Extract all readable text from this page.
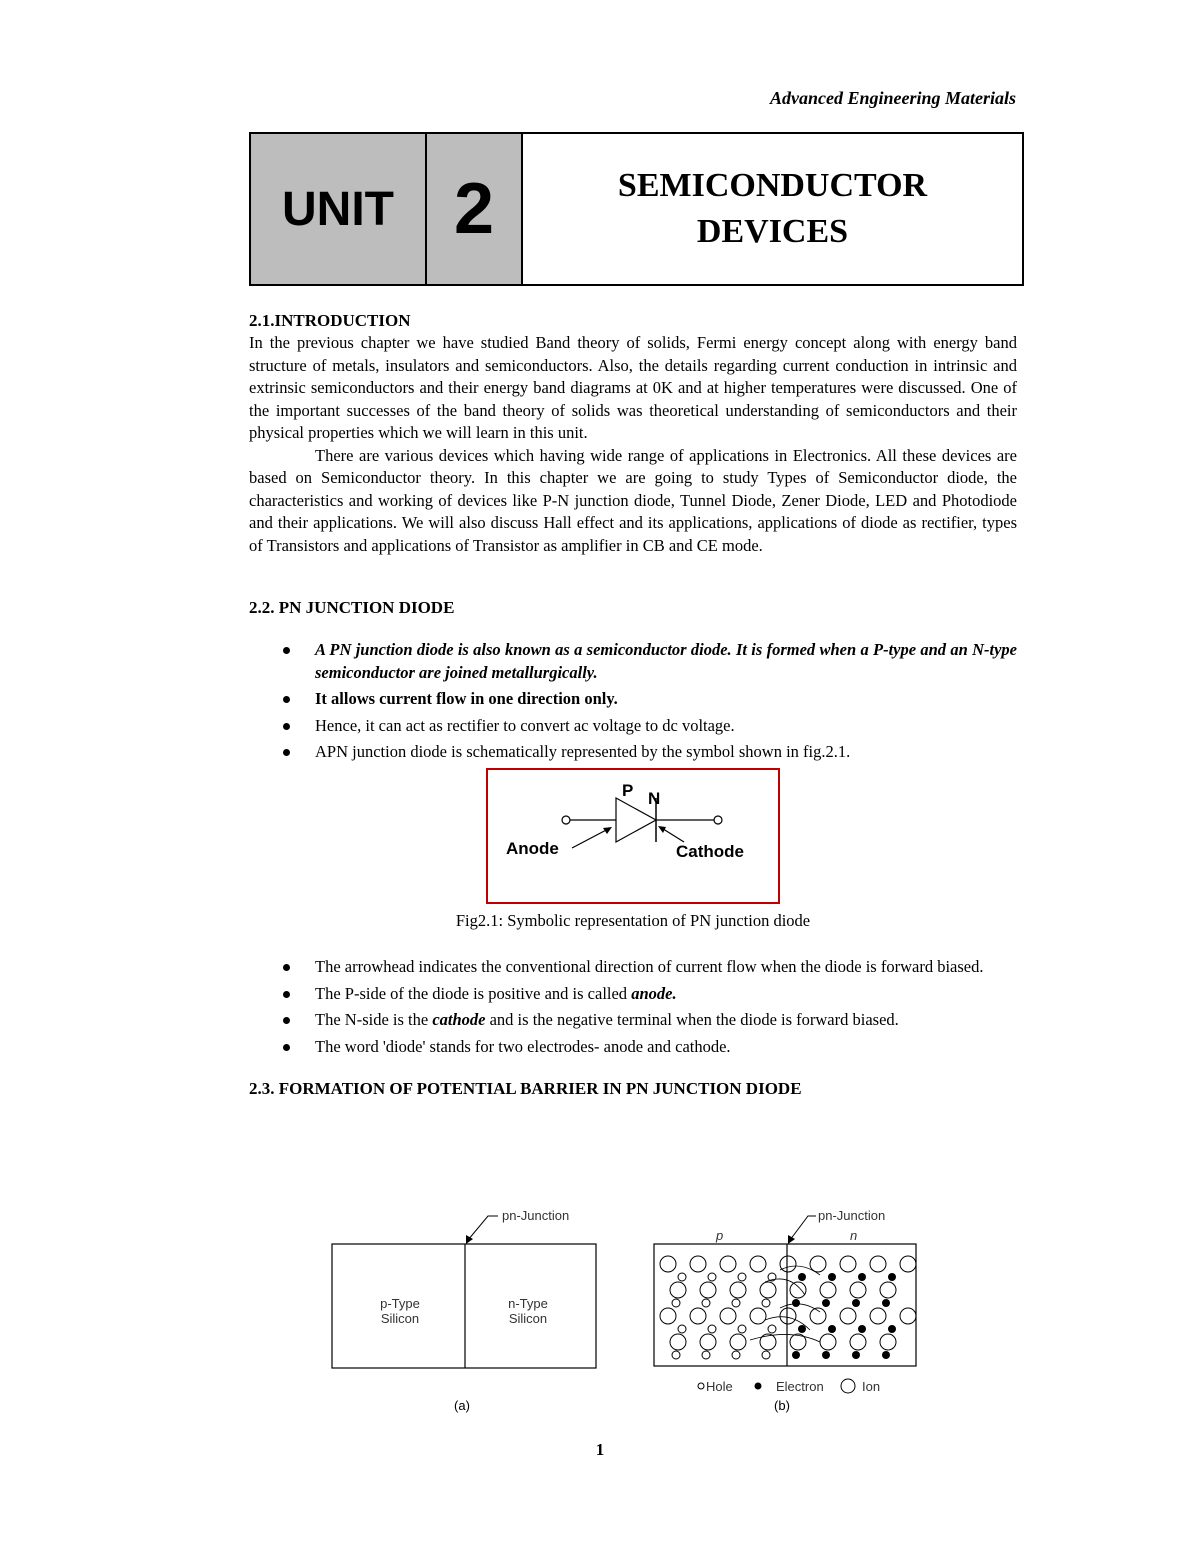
Advanced Engineering Materials
UNIT 2	SEMICONDUCTOR
DEVICES
2.1.INTRODUCTION

In the previous chapter we have studied Band theory of solids, Fermi energy concept along with energy band structure of metals, insulators and semiconductors. Also, the details regarding current conduction in intrinsic and extrinsic semiconductors and their energy band diagrams at 0K and at higher temperatures were discussed. One of the important successes of the band theory of solids was theoretical understanding of semiconductors and their physical properties which we will learn in this unit.

There are various devices which having wide range of applications in Electronics. All these devices are based on Semiconductor theory. In this chapter we are going to study Types of Semiconductor diode, the characteristics and working of devices like P-N junction diode, Tunnel Diode, Zener Diode, LED and Photodiode and their applications. We will also discuss Hall effect and its applications, applications of diode as rectifier, types of Transistors and applications of Transistor as amplifier in CB and CE mode.

2.2. PN JUNCTION DIODE
A PN junction diode is also known as a semiconductor diode. It is formed when a P-type and an N-type semiconductor are joined metallurgically.
It allows current flow in one direction only.
Hence, it can act as rectifier to convert ac voltage to dc voltage.
APN junction diode is schematically represented by the symbol shown in fig.2.1.
P N
Anode	Cathode
Fig2.1: Symbolic representation of PN junction diode
The arrowhead indicates the conventional direction of current flow when the diode is forward biased.
The P-side of the diode is positive and is called anode.
The N-side is the cathode and is the negative terminal when the diode is forward biased.
The word 'diode' stands for two electrodes- anode and cathode.
2.3. FORMATION OF POTENTIAL BARRIER IN PN JUNCTION DIODE
pn-Junction
p-Type
Silicon
n-Type
Silicon
(a)
pn-Junction
p	n
Hole	Electron	Ion
(b)
1
